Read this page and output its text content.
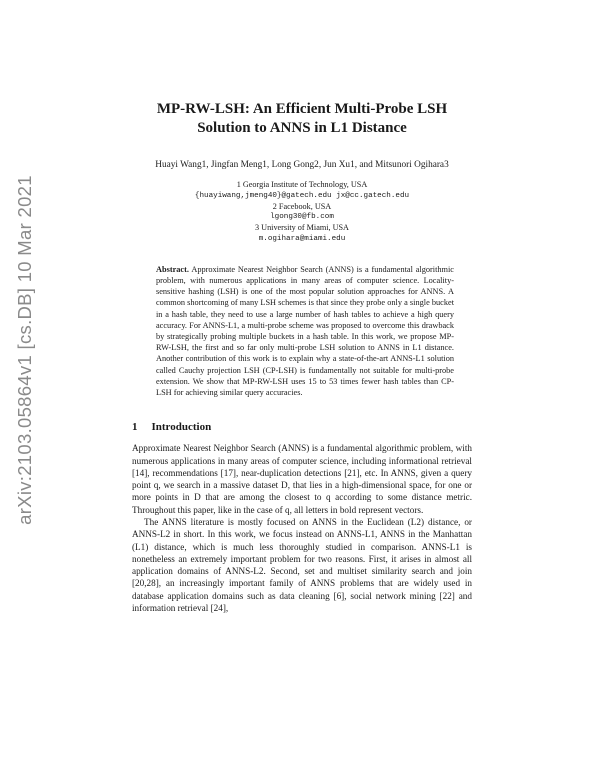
arXiv:2103.05864v1 [cs.DB] 10 Mar 2021
MP-RW-LSH: An Efficient Multi-Probe LSH
Solution to ANNS in L1 Distance
Huayi Wang1, Jingfan Meng1, Long Gong2, Jun Xu1, and Mitsunori Ogihara3
1 Georgia Institute of Technology, USA
{huayiwang,jmeng40}@gatech.edu jx@cc.gatech.edu
2 Facebook, USA
lgong30@fb.com
3 University of Miami, USA
m.ogihara@miami.edu
Abstract. Approximate Nearest Neighbor Search (ANNS) is a fundamental algorithmic problem, with numerous applications in many areas of computer science. Locality-sensitive hashing (LSH) is one of the most popular solution approaches for ANNS. A common shortcoming of many LSH schemes is that since they probe only a single bucket in a hash table, they need to use a large number of hash tables to achieve a high query accuracy. For ANNS-L1, a multi-probe scheme was proposed to overcome this drawback by strategically probing multiple buckets in a hash table. In this work, we propose MP-RW-LSH, the first and so far only multi-probe LSH solution to ANNS in L1 distance. Another contribution of this work is to explain why a state-of-the-art ANNS-L1 solution called Cauchy projection LSH (CP-LSH) is fundamentally not suitable for multi-probe extension. We show that MP-RW-LSH uses 15 to 53 times fewer hash tables than CP-LSH for achieving similar query accuracies.
1 Introduction

Approximate Nearest Neighbor Search (ANNS) is a fundamental algorithmic problem, with numerous applications in many areas of computer science, including informational retrieval [14], recommendations [17], near-duplication detections [21], etc. In ANNS, given a query point q, we search in a massive dataset D, that lies in a high-dimensional space, for one or more points in D that are among the closest to q according to some distance metric. Throughout this paper, like in the case of q, all letters in bold represent vectors.

The ANNS literature is mostly focused on ANNS in the Euclidean (L2) distance, or ANNS-L2 in short. In this work, we focus instead on ANNS-L1, ANNS in the Manhattan (L1) distance, which is much less thoroughly studied in comparison. ANNS-L1 is nonetheless an extremely important problem for two reasons. First, it arises in almost all application domains of ANNS-L2. Second, set and multiset similarity search and join [20,28], an increasingly important family of ANNS problems that are widely used in database application domains such as data cleaning [6], social network mining [22] and information retrieval [24],
